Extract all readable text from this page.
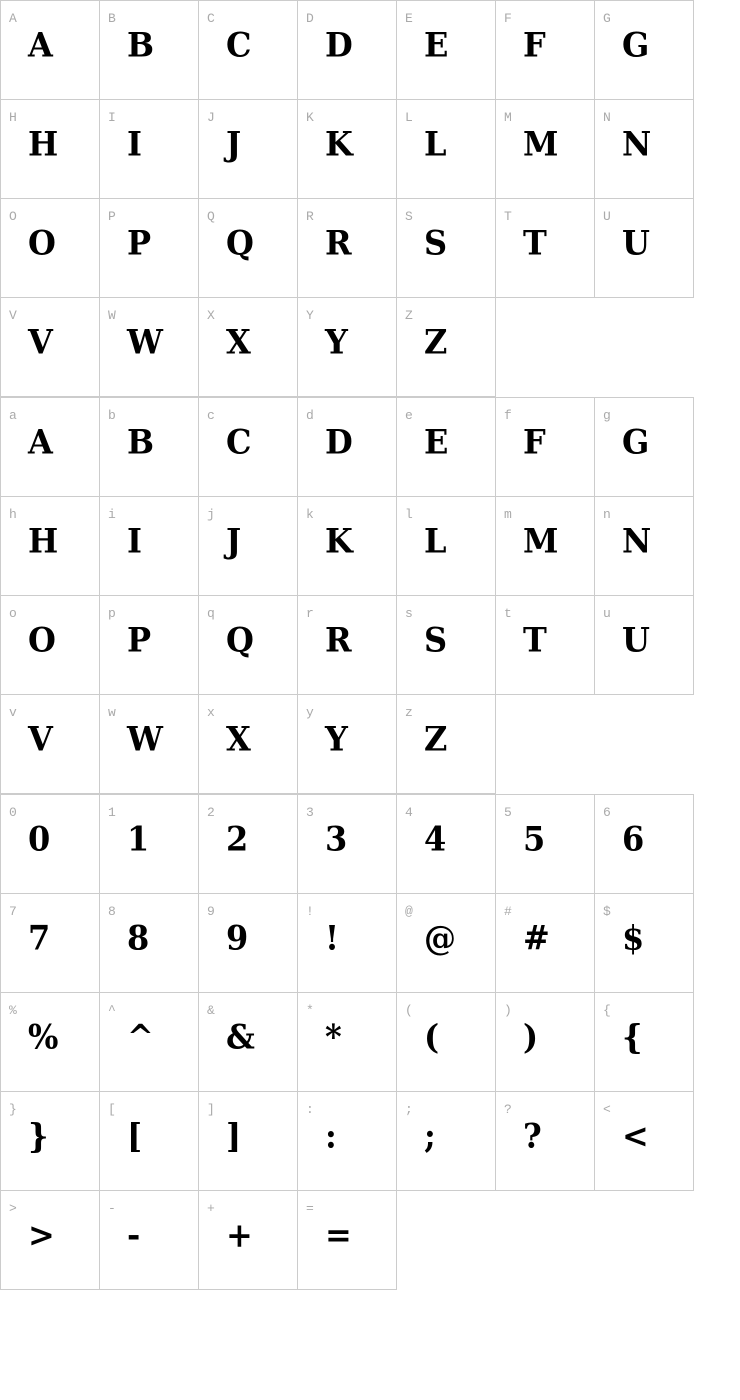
A
A
B
B
C
C
D
D
E
E
F
F
G
G
H
H
I
I
J
J
K
K
L
L
M
M
N
N
O
O
P
P
Q
Q
R
R
S
S
T
T
U
U
V
V
W
W
X
X
Y
Y
Z
Z

a
A
b
B
c
C
d
D
e
E
f
F
g
G
h
H
i
I
j
J
k
K
l
L
m
M
n
N
o
O
p
P
q
Q
r
R
s
S
t
T
u
U
v
V
w
W
x
X
y
Y
z
Z

0
0
1
1
2
2
3
3
4
4
5
5
6
6
7
7
8
8
9
9
!
!
@
@
#
#
$
$
%
%
^
^
&
&
*
*
(
(
)
)
{
{
}
}
[
[
]
]
:
:
;
;
?
?
<
<
>
>
-
-
+
+
=
=
